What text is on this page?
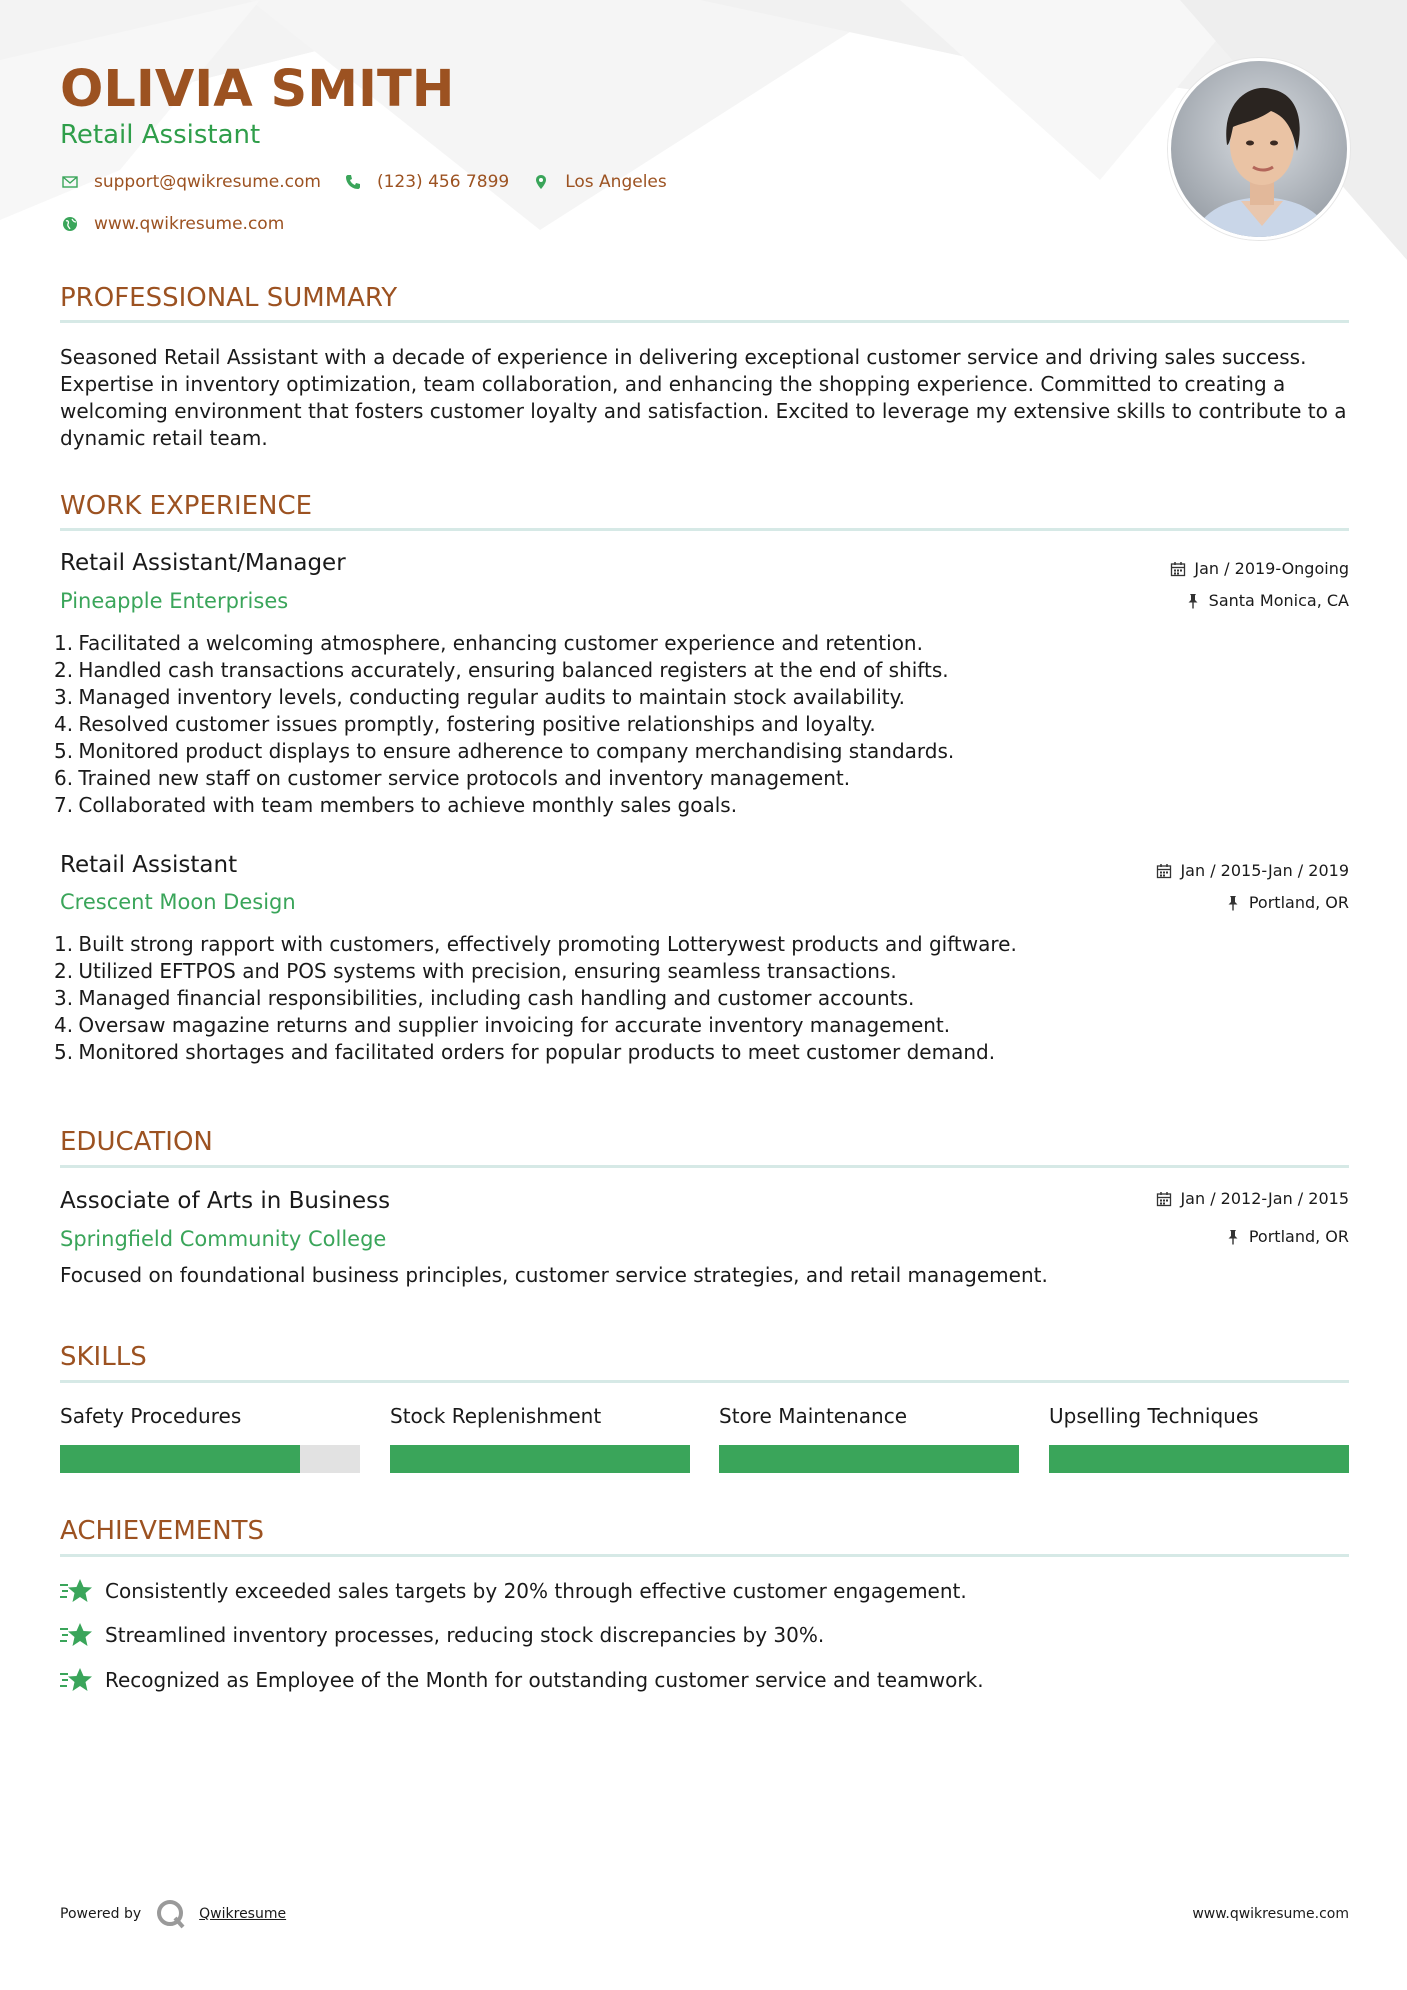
OLIVIA SMITH
Retail Assistant
support@qwikresume.com	(123) 456 7899	Los Angeles
www.qwikresume.com
PROFESSIONAL SUMMARY
Seasoned Retail Assistant with a decade of experience in delivering exceptional customer service and driving sales success. Expertise in inventory optimization, team collaboration, and enhancing the shopping experience. Committed to creating a welcoming environment that fosters customer loyalty and satisfaction. Excited to leverage my extensive skills to contribute to a dynamic retail team.
WORK EXPERIENCE
Retail Assistant/Manager	Jan / 2019-Ongoing
Pineapple Enterprises	Santa Monica, CA
1.
Facilitated a welcoming atmosphere, enhancing customer experience and retention.
2.
Handled cash transactions accurately, ensuring balanced registers at the end of shifts.
3.
Managed inventory levels, conducting regular audits to maintain stock availability.
4.
Resolved customer issues promptly, fostering positive relationships and loyalty.
5.
Monitored product displays to ensure adherence to company merchandising standards.
6.
Trained new staff on customer service protocols and inventory management.
7.
Collaborated with team members to achieve monthly sales goals.
Retail Assistant	Jan / 2015-Jan / 2019
Crescent Moon Design	Portland, OR
1.
Built strong rapport with customers, effectively promoting Lotterywest products and giftware.
2.
Utilized EFTPOS and POS systems with precision, ensuring seamless transactions.
3.
Managed financial responsibilities, including cash handling and customer accounts.
4.
Oversaw magazine returns and supplier invoicing for accurate inventory management.
5.
Monitored shortages and facilitated orders for popular products to meet customer demand.
EDUCATION
Associate of Arts in Business	Jan / 2012-Jan / 2015
Springfield Community College	Portland, OR
Focused on foundational business principles, customer service strategies, and retail management.
SKILLS
Safety Procedures	Stock Replenishment	Store Maintenance	Upselling Techniques
ACHIEVEMENTS
Consistently exceeded sales targets by 20% through effective customer engagement.
Streamlined inventory processes, reducing stock discrepancies by 30%.
Recognized as Employee of the Month for outstanding customer service and teamwork.
Powered by	Qwikresume	www.qwikresume.com
